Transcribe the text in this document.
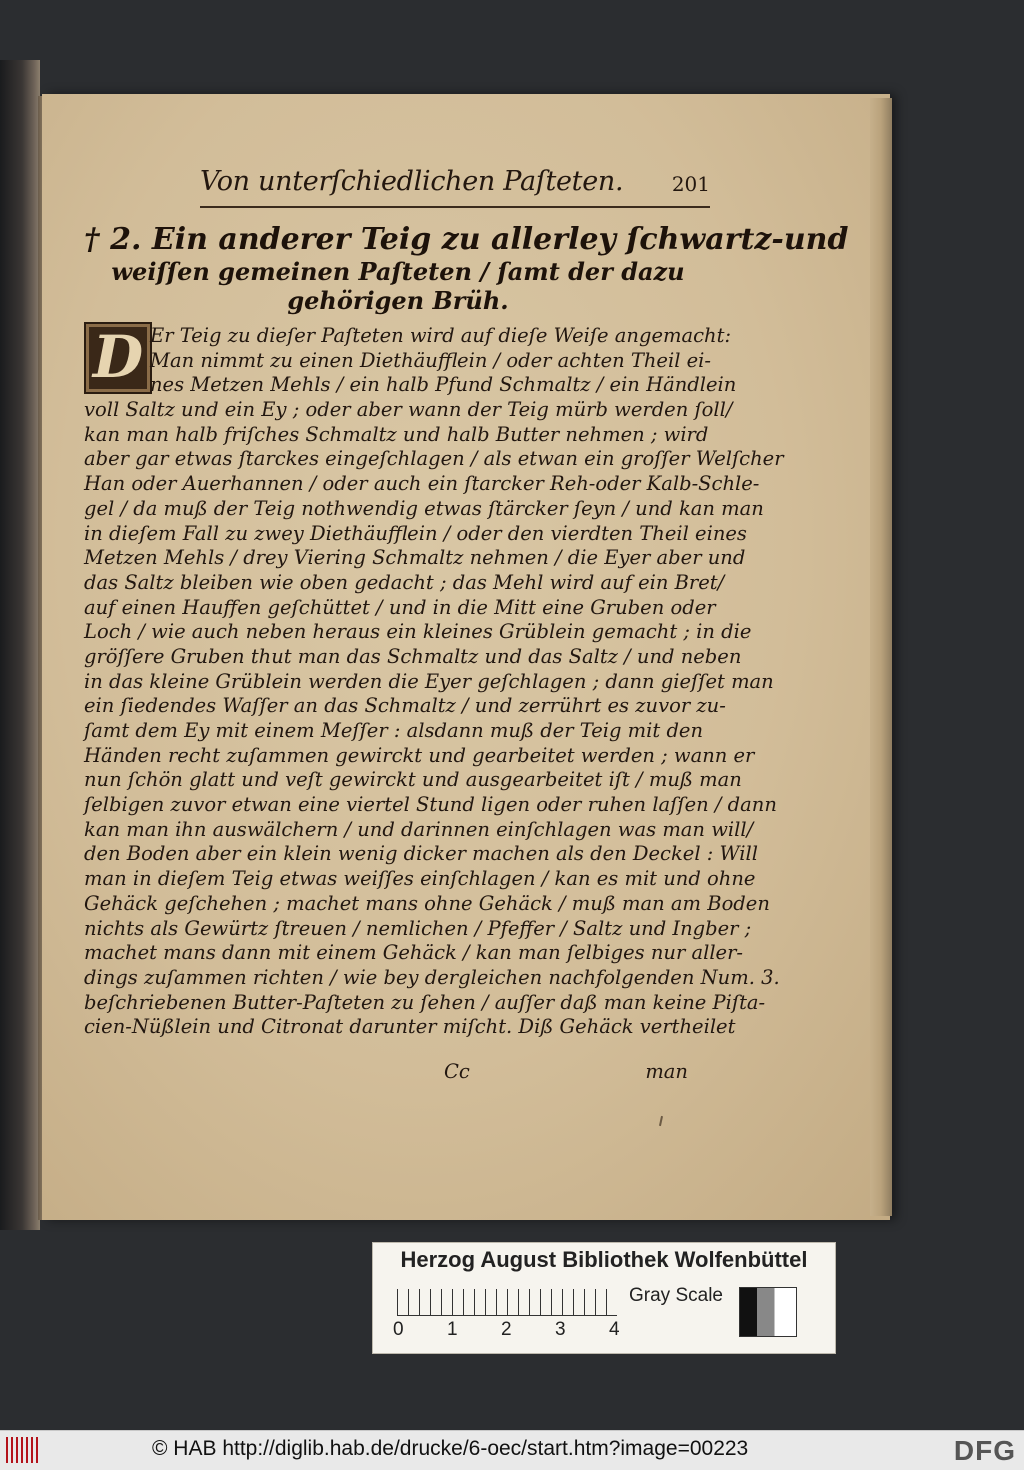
Von unterſchiedlichen Paſteten. 201
† 2. Ein anderer Teig zu allerley ſchwartz-und
weiſſen gemeinen Paſteten / ſamt der dazu
gehörigen Brüh.
D Er Teig zu dieſer Paſteten wird auf dieſe Weiſe angemacht:
Man nimmt zu einen Diethäufflein / oder achten Theil ei-
nes Metzen Mehls / ein halb Pfund Schmaltz / ein Händlein
voll Saltz und ein Ey ; oder aber wann der Teig mürb werden ſoll/
kan man halb friſches Schmaltz und halb Butter nehmen ; wird
aber gar etwas ſtarckes eingeſchlagen / als etwan ein groſſer Welſcher
Han oder Auerhannen / oder auch ein ſtarcker Reh-oder Kalb-Schle-
gel / da muß der Teig nothwendig etwas ſtärcker ſeyn / und kan man
in dieſem Fall zu zwey Diethäufflein / oder den vierdten Theil eines
Metzen Mehls / drey Viering Schmaltz nehmen / die Eyer aber und
das Saltz bleiben wie oben gedacht ; das Mehl wird auf ein Bret/
auf einen Hauffen geſchüttet / und in die Mitt eine Gruben oder
Loch / wie auch neben heraus ein kleines Grüblein gemacht ; in die
gröſſere Gruben thut man das Schmaltz und das Saltz / und neben
in das kleine Grüblein werden die Eyer geſchlagen ; dann gieſſet man
ein ſiedendes Waſſer an das Schmaltz / und zerrührt es zuvor zu-
ſamt dem Ey mit einem Meſſer : alsdann muß der Teig mit den
Händen recht zuſammen gewirckt und gearbeitet werden ; wann er
nun ſchön glatt und veſt gewirckt und ausgearbeitet iſt / muß man
ſelbigen zuvor etwan eine viertel Stund ligen oder ruhen laſſen / dann
kan man ihn auswälchern / und darinnen einſchlagen was man will/
den Boden aber ein klein wenig dicker machen als den Deckel : Will
man in dieſem Teig etwas weiſſes einſchlagen / kan es mit und ohne
Gehäck geſchehen ; machet mans ohne Gehäck / muß man am Boden
nichts als Gewürtz ſtreuen / nemlichen / Pfeffer / Saltz und Ingber ;
machet mans dann mit einem Gehäck / kan man ſelbiges nur aller-
dings zuſammen richten / wie bey dergleichen nachfolgenden Num. 3.
beſchriebenen Butter-Paſteten zu ſehen / auſſer daß man keine Piſta-
cien-Nüßlein und Citronat darunter miſcht. Diß Gehäck vertheilet
Cc	man
Herzog August Bibliothek Wolfenbüttel
0 1 2 3 4
Gray Scale
© HAB http://diglib.hab.de/drucke/6-oec/start.htm?image=00223	DFG
